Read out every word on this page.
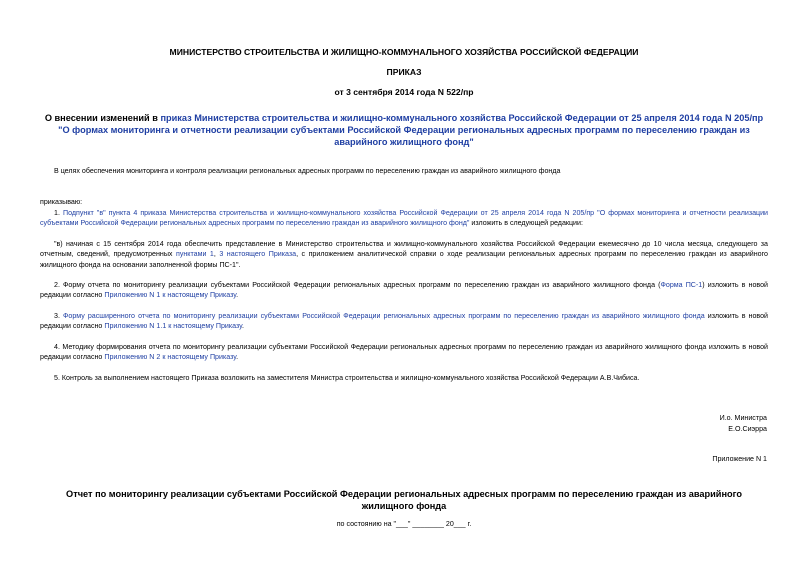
МИНИСТЕРСТВО СТРОИТЕЛЬСТВА И ЖИЛИЩНО-КОММУНАЛЬНОГО ХОЗЯЙСТВА РОССИЙСКОЙ ФЕДЕРАЦИИ
ПРИКАЗ
от 3 сентября 2014 года N 522/пр
О внесении изменений в приказ Министерства строительства и жилищно-коммунального хозяйства Российской Федерации от 25 апреля 2014 года N 205/пр "О формах мониторинга и отчетности реализации субъектами Российской Федерации региональных адресных программ по переселению граждан из аварийного жилищного фонд"
В целях обеспечения мониторинга и контроля реализации региональных адресных программ по переселению граждан из аварийного жилищного фонда
приказываю:
1. Подпункт "в" пункта 4 приказа Министерства строительства и жилищно-коммунального хозяйства Российской Федерации от 25 апреля 2014 года N 205/пр "О формах мониторинга и отчетности реализации субъектами Российской Федерации региональных адресных программ по переселению граждан из аварийного жилищного фонд" изложить в следующей редакции:
"в) начиная с 15 сентября 2014 года обеспечить представление в Министерство строительства и жилищно-коммунального хозяйства Российской Федерации ежемесячно до 10 числа месяца, следующего за отчетным, сведений, предусмотренных пунктами 1, 3 настоящего Приказа, с приложением аналитической справки о ходе реализации региональных адресных программ по переселению граждан из аварийного жилищного фонда на основании заполненной формы ПС-1".
2. Форму отчета по мониторингу реализации субъектами Российской Федерации региональных адресных программ по переселению граждан из аварийного жилищного фонда (Форма ПС-1) изложить в новой редакции согласно Приложению N 1 к настоящему Приказу.
3. Форму расширенного отчета по мониторингу реализации субъектами Российской Федерации региональных адресных программ по переселению граждан из аварийного жилищного фонда изложить в новой редакции согласно Приложению N 1.1 к настоящему Приказу.
4. Методику формирования отчета по мониторингу реализации субъектами Российской Федерации региональных адресных программ по переселению граждан из аварийного жилищного фонда изложить в новой редакции согласно Приложению N 2 к настоящему Приказу.
5. Контроль за выполнением настоящего Приказа возложить на заместителя Министра строительства и жилищно-коммунального хозяйства Российской Федерации А.В.Чибиса.
И.о. Министра
Е.О.Сиэрра
Приложение N 1
Отчет по мониторингу реализации субъектами Российской Федерации региональных адресных программ по переселению граждан из аварийного жилищного фонда
по состоянию на "___" ________ 20___ г.
